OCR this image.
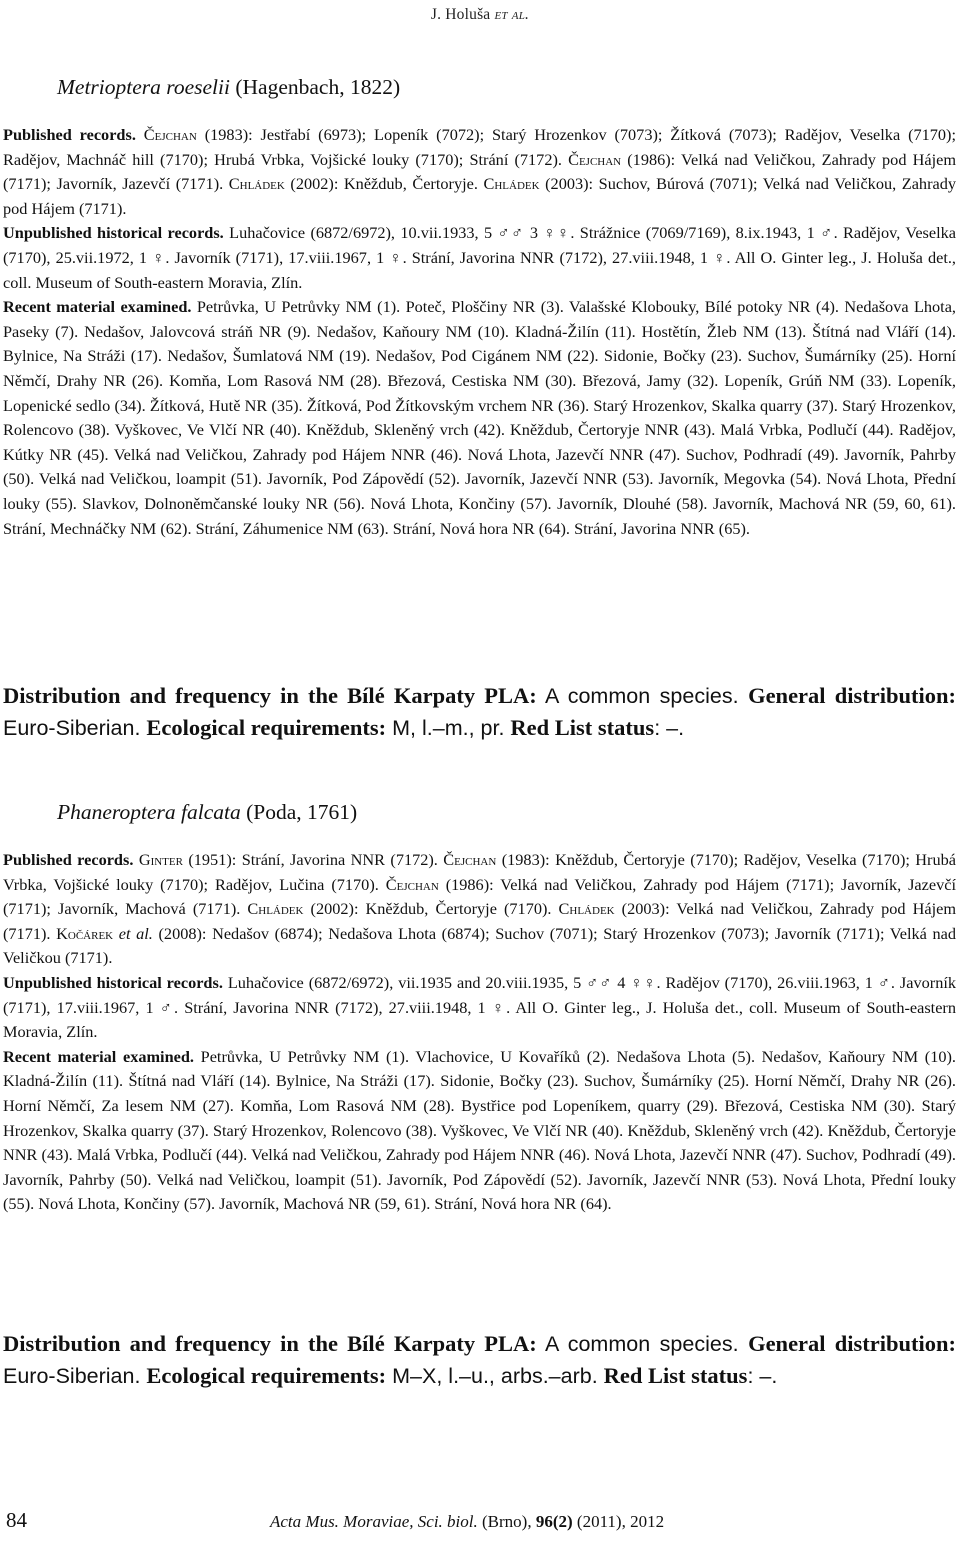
J. Holuša et al.
Metrioptera roeselii (Hagenbach, 1822)
Published records. Čejchan (1983): Jestřabí (6973); Lopeník (7072); Starý Hrozenkov (7073); Žítková (7073); Radějov, Veselka (7170); Radějov, Machnáč hill (7170); Hrubá Vrbka, Vojšické louky (7170); Strání (7172). Čejchan (1986): Velká nad Veličkou, Zahrady pod Hájem (7171); Javorník, Jazevčí (7171). Chládek (2002): Kněždub, Čertoryje. Chládek (2003): Suchov, Búrová (7071); Velká nad Veličkou, Zahrady pod Hájem (7171).
Unpublished historical records. Luhačovice (6872/6972), 10.vii.1933, 5 ♂♂ 3 ♀♀. Strážnice (7069/7169), 8.ix.1943, 1 ♂. Radějov, Veselka (7170), 25.vii.1972, 1 ♀. Javorník (7171), 17.viii.1967, 1 ♀. Strání, Javorina NNR (7172), 27.viii.1948, 1 ♀. All O. Ginter leg., J. Holuša det., coll. Museum of South-eastern Moravia, Zlín.
Recent material examined. Petrůvka, U Petrůvky NM (1). Poteč, Ploščiny NR (3). Valašské Klobouky, Bílé potoky NR (4). Nedašova Lhota, Paseky (7). Nedašov, Jalovcová stráň NR (9). Nedašov, Kaňoury NM (10). Kladná-Žilín (11). Hostětín, Žleb NM (13). Štítná nad Vláří (14). Bylnice, Na Stráži (17). Nedašov, Šumlatová NM (19). Nedašov, Pod Cigánem NM (22). Sidonie, Bočky (23). Suchov, Šumárníky (25). Horní Němčí, Drahy NR (26). Komňa, Lom Rasová NM (28). Březová, Cestiska NM (30). Březová, Jamy (32). Lopeník, Grúň NM (33). Lopeník, Lopenické sedlo (34). Žítková, Hutě NR (35). Žítková, Pod Žítkovským vrchem NR (36). Starý Hrozenkov, Skalka quarry (37). Starý Hrozenkov, Rolencovo (38). Vyškovec, Ve Vlčí NR (40). Kněždub, Skleněný vrch (42). Kněždub, Čertoryje NNR (43). Malá Vrbka, Podlučí (44). Radějov, Kútky NR (45). Velká nad Veličkou, Zahrady pod Hájem NNR (46). Nová Lhota, Jazevčí NNR (47). Suchov, Podhradí (49). Javorník, Pahrby (50). Velká nad Veličkou, loampit (51). Javorník, Pod Zápovědí (52). Javorník, Jazevčí NNR (53). Javorník, Megovka (54). Nová Lhota, Přední louky (55). Slavkov, Dolnoněmčanské louky NR (56). Nová Lhota, Končiny (57). Javorník, Dlouhé (58). Javorník, Machová NR (59, 60, 61). Strání, Mechnáčky NM (62). Strání, Záhumenice NM (63). Strání, Nová hora NR (64). Strání, Javorina NNR (65).
Distribution and frequency in the Bílé Karpaty PLA: A common species. General distribution: Euro-Siberian. Ecological requirements: M, l.–m., pr. Red List status: –.
Phaneroptera falcata (Poda, 1761)
Published records. Ginter (1951): Strání, Javorina NNR (7172). Čejchan (1983): Kněždub, Čertoryje (7170); Radějov, Veselka (7170); Hrubá Vrbka, Vojšické louky (7170); Radějov, Lučina (7170). Čejchan (1986): Velká nad Veličkou, Zahrady pod Hájem (7171); Javorník, Jazevčí (7171); Javorník, Machová (7171). Chládek (2002): Kněždub, Čertoryje (7170). Chládek (2003): Velká nad Veličkou, Zahrady pod Hájem (7171). Kočárek et al. (2008): Nedašov (6874); Nedašova Lhota (6874); Suchov (7071); Starý Hrozenkov (7073); Javorník (7171); Velká nad Veličkou (7171).
Unpublished historical records. Luhačovice (6872/6972), vii.1935 and 20.viii.1935, 5 ♂♂ 4 ♀♀. Radějov (7170), 26.viii.1963, 1 ♂. Javorník (7171), 17.viii.1967, 1 ♂. Strání, Javorina NNR (7172), 27.viii.1948, 1 ♀. All O. Ginter leg., J. Holuša det., coll. Museum of South-eastern Moravia, Zlín.
Recent material examined. Petrůvka, U Petrůvky NM (1). Vlachovice, U Kovaříků (2). Nedašova Lhota (5). Nedašov, Kaňoury NM (10). Kladná-Žilín (11). Štítná nad Vláří (14). Bylnice, Na Stráži (17). Sidonie, Bočky (23). Suchov, Šumárníky (25). Horní Němčí, Drahy NR (26). Horní Němčí, Za lesem NM (27). Komňa, Lom Rasová NM (28). Bystřice pod Lopeníkem, quarry (29). Březová, Cestiska NM (30). Starý Hrozenkov, Skalka quarry (37). Starý Hrozenkov, Rolencovo (38). Vyškovec, Ve Vlčí NR (40). Kněždub, Skleněný vrch (42). Kněždub, Čertoryje NNR (43). Malá Vrbka, Podlučí (44). Velká nad Veličkou, Zahrady pod Hájem NNR (46). Nová Lhota, Jazevčí NNR (47). Suchov, Podhradí (49). Javorník, Pahrby (50). Velká nad Veličkou, loampit (51). Javorník, Pod Zápovědí (52). Javorník, Jazevčí NNR (53). Nová Lhota, Přední louky (55). Nová Lhota, Končiny (57). Javorník, Machová NR (59, 61). Strání, Nová hora NR (64).
Distribution and frequency in the Bílé Karpaty PLA: A common species. General distribution: Euro-Siberian. Ecological requirements: M–X, l.–u., arbs.–arb. Red List status: –.
84	Acta Mus. Moraviae, Sci. biol. (Brno), 96(2) (2011), 2012
